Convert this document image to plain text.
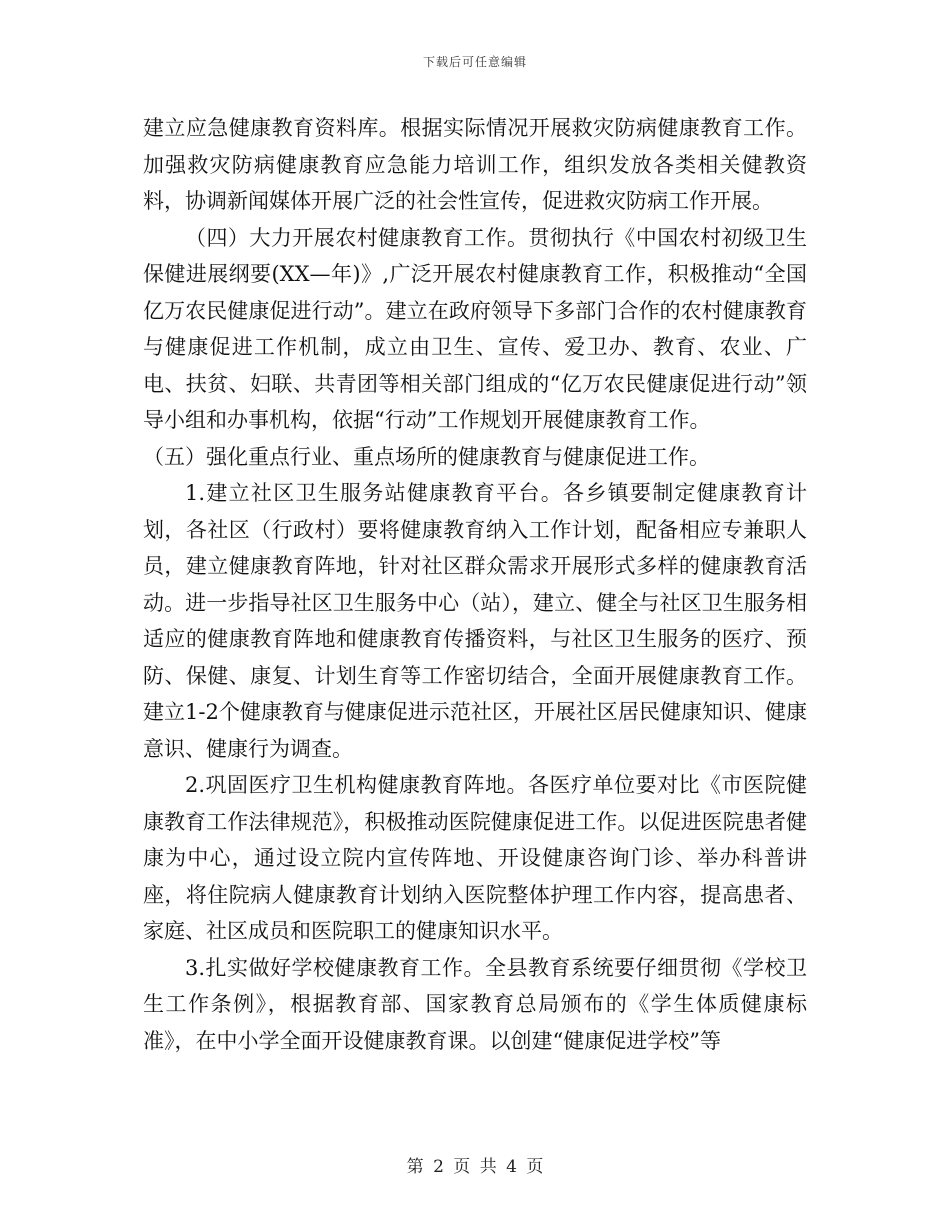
下载后可任意编辑

建立应急健康教育资料库。根据实际情况开展救灾防病健康教育工作。加强救灾防病健康教育应急能力培训工作，组织发放各类相关健教资料，协调新闻媒体开展广泛的社会性宣传，促进救灾防病工作开展。

（四）大力开展农村健康教育工作。贯彻执行《中国农村初级卫生保健进展纲要(XX—年)》,广泛开展农村健康教育工作，积极推动“全国亿万农民健康促进行动”。建立在政府领导下多部门合作的农村健康教育与健康促进工作机制，成立由卫生、宣传、爱卫办、教育、农业、广电、扶贫、妇联、共青团等相关部门组成的“亿万农民健康促进行动”领导小组和办事机构，依据“行动”工作规划开展健康教育工作。

（五）强化重点行业、重点场所的健康教育与健康促进工作。

1.建立社区卫生服务站健康教育平台。各乡镇要制定健康教育计划，各社区（行政村）要将健康教育纳入工作计划，配备相应专兼职人员，建立健康教育阵地，针对社区群众需求开展形式多样的健康教育活动。进一步指导社区卫生服务中心（站），建立、健全与社区卫生服务相适应的健康教育阵地和健康教育传播资料，与社区卫生服务的医疗、预防、保健、康复、计划生育等工作密切结合，全面开展健康教育工作。建立1-2个健康教育与健康促进示范社区，开展社区居民健康知识、健康意识、健康行为调查。

2.巩固医疗卫生机构健康教育阵地。各医疗单位要对比《市医院健康教育工作法律规范》，积极推动医院健康促进工作。以促进医院患者健康为中心，通过设立院内宣传阵地、开设健康咨询门诊、举办科普讲座，将住院病人健康教育计划纳入医院整体护理工作内容，提高患者、家庭、社区成员和医院职工的健康知识水平。

3.扎实做好学校健康教育工作。全县教育系统要仔细贯彻《学校卫生工作条例》，根据教育部、国家教育总局颁布的《学生体质健康标准》，在中小学全面开设健康教育课。以创建“健康促进学校”等

第 2 页 共 4 页
